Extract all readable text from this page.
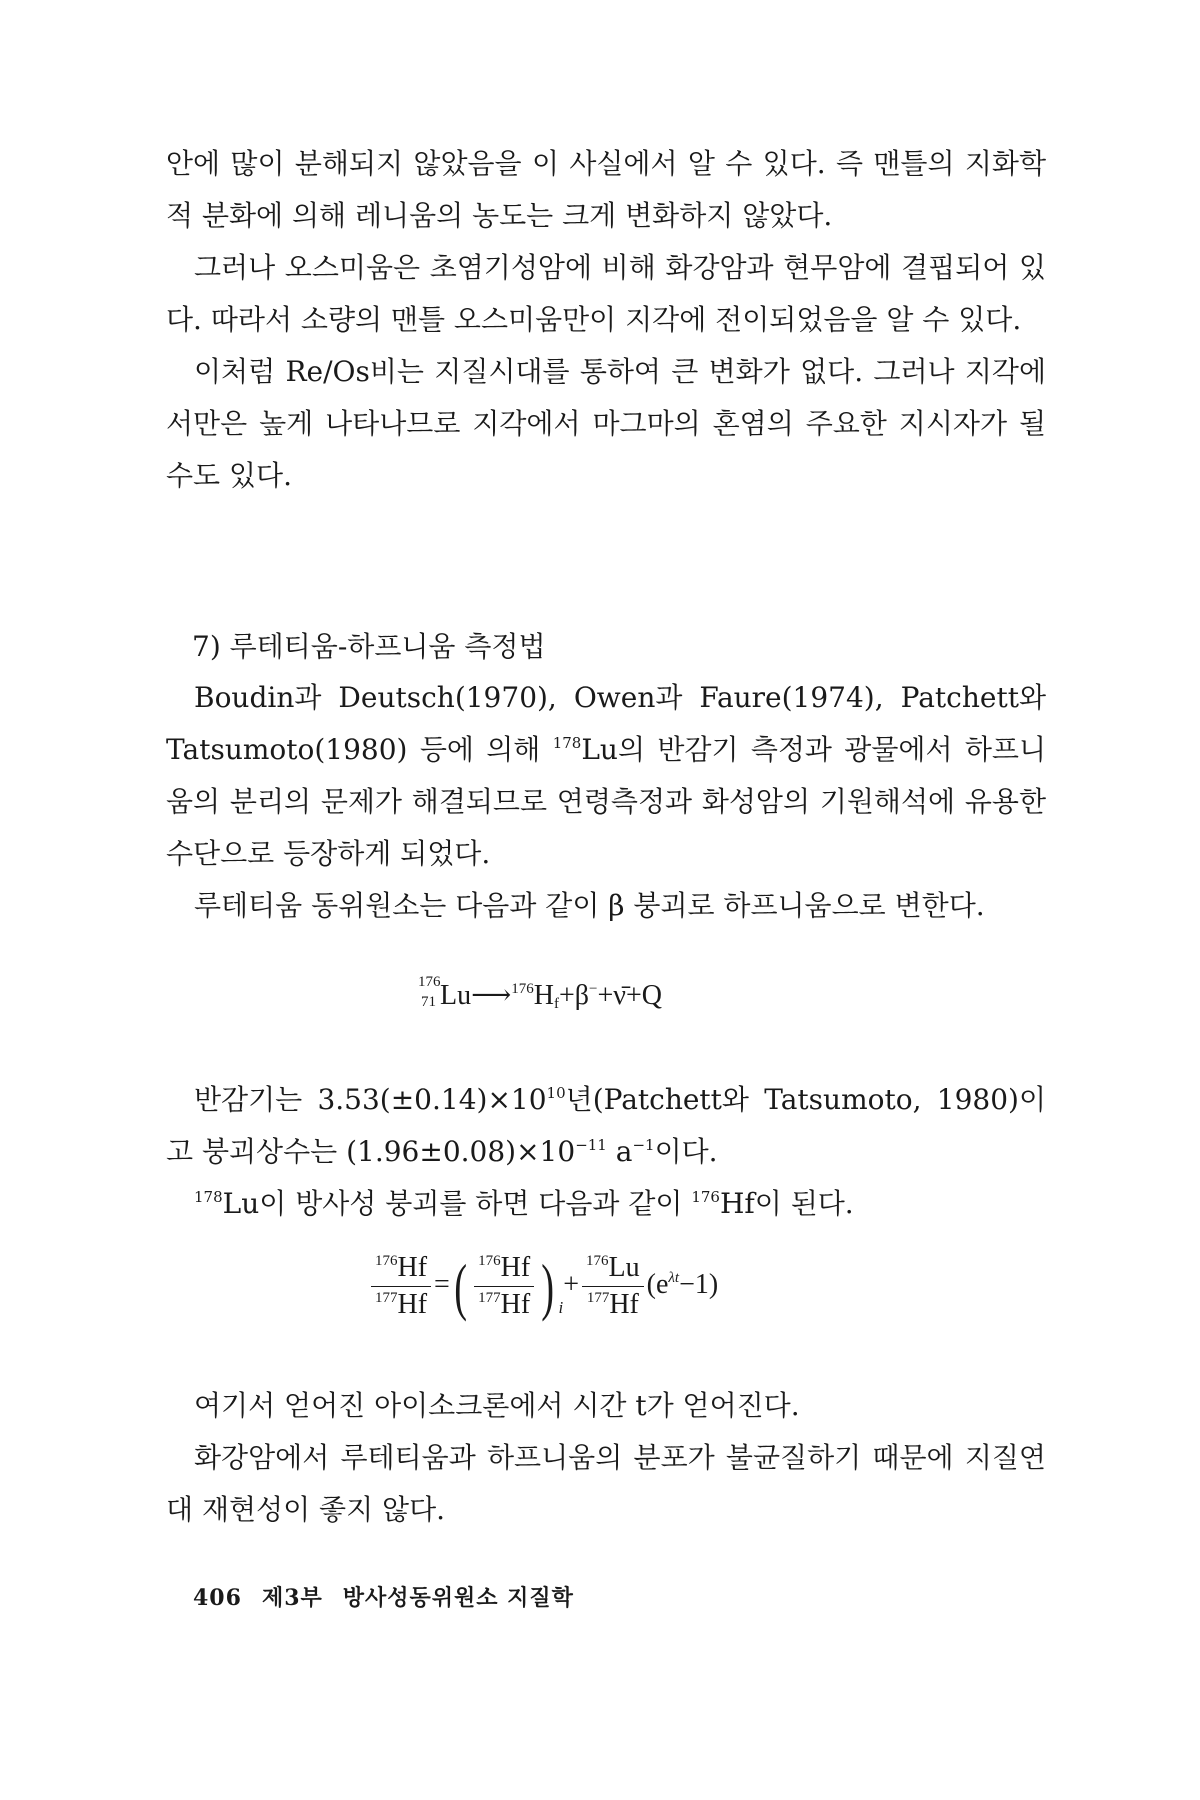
안에 많이 분해되지 않았음을 이 사실에서 알 수 있다. 즉 맨틀의 지화학적 분화에 의해 레니움의 농도는 크게 변화하지 않았다.

그러나 오스미움은 초염기성암에 비해 화강암과 현무암에 결핍되어 있다. 따라서 소량의 맨틀 오스미움만이 지각에 전이되었음을 알 수 있다.

이처럼 Re/Os비는 지질시대를 통하여 큰 변화가 없다. 그러나 지각에서만은 높게 나타나므로 지각에서 마그마의 혼염의 주요한 지시자가 될 수도 있다.

7) 루테티움-하프니움 측정법

Boudin과 Deutsch(1970), Owen과 Faure(1974), Patchett와 Tatsumoto(1980) 등에 의해 $^{178}$Lu의 반감기 측정과 광물에서 하프니움의 분리의 문제가 해결되므로 연령측정과 화성암의 기원해석에 유용한 수단으로 등장하게 되었다.

루테티움 동위원소는 다음과 같이 β 붕괴로 하프니움으로 변한다.

176
71 $Lu⟶^{176}H_f+\beta^-+\nū+Q$

반감기는 $3.53(\pm 0.14)\times 10^{10}$년(Patchett와 Tatsumoto, 1980)이고 붕괴상수는 $(1.96\pm 0.08)\times 10^{-11}$ $a^{-1}$이다.

$^{178}$Lu이 방사성 붕괴를 하면 다음과 같이 $^{176}$Hf이 된다.

$\frac{^{176}Hf}{^{177}Hf}$ =( $\frac{^{176}Hf}{^{177}Hf}$ ) $_i+ \frac{^{176}Lu}{^{177}Hf} (e^{\lambda t}-1)$

여기서 얻어진 아이소크론에서 시간 t가 얻어진다.

화강암에서 루테티움과 하프니움의 분포가 불균질하기 때문에 지질연대 재현성이 좋지 않다.

406 제3부 방사성동위원소 지질학
